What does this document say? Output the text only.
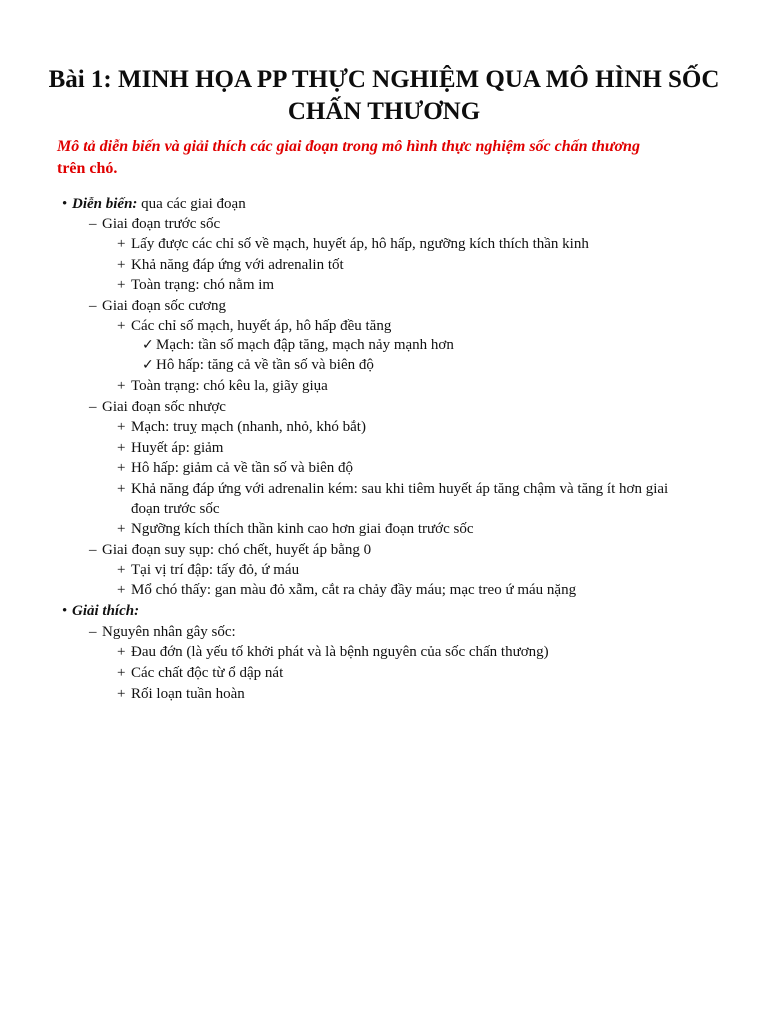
Bài 1: MINH HỌA PP THỰC NGHIỆM QUA MÔ HÌNH SỐC
CHẤN THƯƠNG
Mô tả diễn biến và giải thích các giai đoạn trong mô hình thực nghiệm sốc chấn thương
trên chó.
• Diễn biến: qua các giai đoạn
– Giai đoạn trước sốc
+ Lấy được các chỉ số về mạch, huyết áp, hô hấp, ngưỡng kích thích thần kinh
+ Khả năng đáp ứng với adrenalin tốt
+ Toàn trạng: chó nằm im
– Giai đoạn sốc cương
+ Các chỉ số mạch, huyết áp, hô hấp đều tăng
✓ Mạch: tần số mạch đập tăng, mạch nảy mạnh hơn
✓ Hô hấp: tăng cả về tần số và biên độ
+ Toàn trạng: chó kêu la, giãy giụa
– Giai đoạn sốc nhược
+ Mạch: truỵ mạch (nhanh, nhỏ, khó bắt)
+ Huyết áp: giảm
+ Hô hấp: giảm cả về tần số và biên độ
+ Khả năng đáp ứng với adrenalin kém: sau khi tiêm huyết áp tăng chậm và tăng ít hơn giai
đoạn trước sốc
+ Ngưỡng kích thích thần kinh cao hơn giai đoạn trước sốc
– Giai đoạn suy sụp: chó chết, huyết áp bằng 0
+ Tại vị trí đập: tấy đỏ, ứ máu
+ Mổ chó thấy: gan màu đỏ xẫm, cắt ra chảy đầy máu; mạc treo ứ máu nặng
• Giải thích:
– Nguyên nhân gây sốc:
+ Đau đớn (là yếu tố khởi phát và là bệnh nguyên của sốc chấn thương)
+ Các chất độc từ ổ dập nát
+ Rối loạn tuần hoàn
